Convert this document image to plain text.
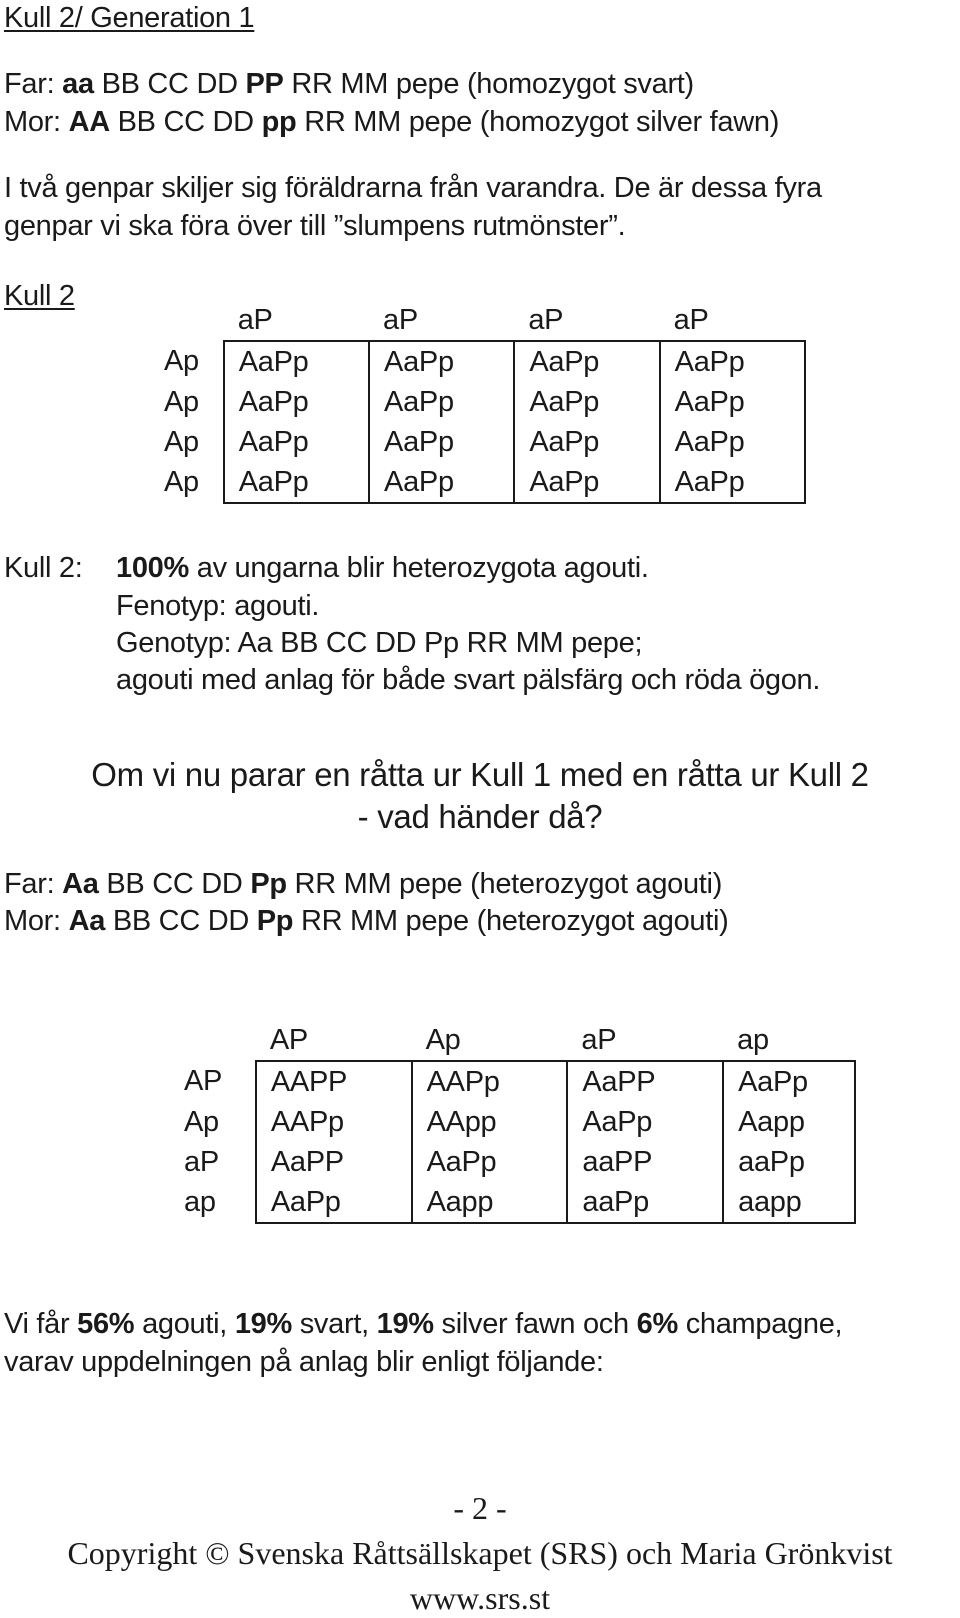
Kull 2/ Generation 1
Far: aa BB CC DD PP RR MM pepe (homozygot svart)
Mor: AA BB CC DD pp RR MM pepe (homozygot silver fawn)
I två genpar skiljer sig föräldrarna från varandra. De är dessa fyra
genpar vi ska föra över till ”slumpens rutmönster”.
Kull 2
	aP	aP	aP	aP
Ap	AaPp	AaPp	AaPp	AaPp
Ap	AaPp	AaPp	AaPp	AaPp
Ap	AaPp	AaPp	AaPp	AaPp
Ap	AaPp	AaPp	AaPp	AaPp
Kull 2: 100% av ungarna blir heterozygota agouti.
Fenotyp: agouti.
Genotyp: Aa BB CC DD Pp RR MM pepe;
agouti med anlag för både svart pälsfärg och röda ögon.
Om vi nu parar en råtta ur Kull 1 med en råtta ur Kull 2
- vad händer då?
Far: Aa BB CC DD Pp RR MM pepe (heterozygot agouti)
Mor: Aa BB CC DD Pp RR MM pepe (heterozygot agouti)
	AP	Ap	aP	ap
AP	AAPP	AAPp	AaPP	AaPp
Ap	AAPp	AApp	AaPp	Aapp
aP	AaPP	AaPp	aaPP	aaPp
ap	AaPp	Aapp	aaPp	aapp
Vi får 56% agouti, 19% svart, 19% silver fawn och 6% champagne,
varav uppdelningen på anlag blir enligt följande:
- 2 -
Copyright © Svenska Råttsällskapet (SRS) och Maria Grönkvist
www.srs.st
